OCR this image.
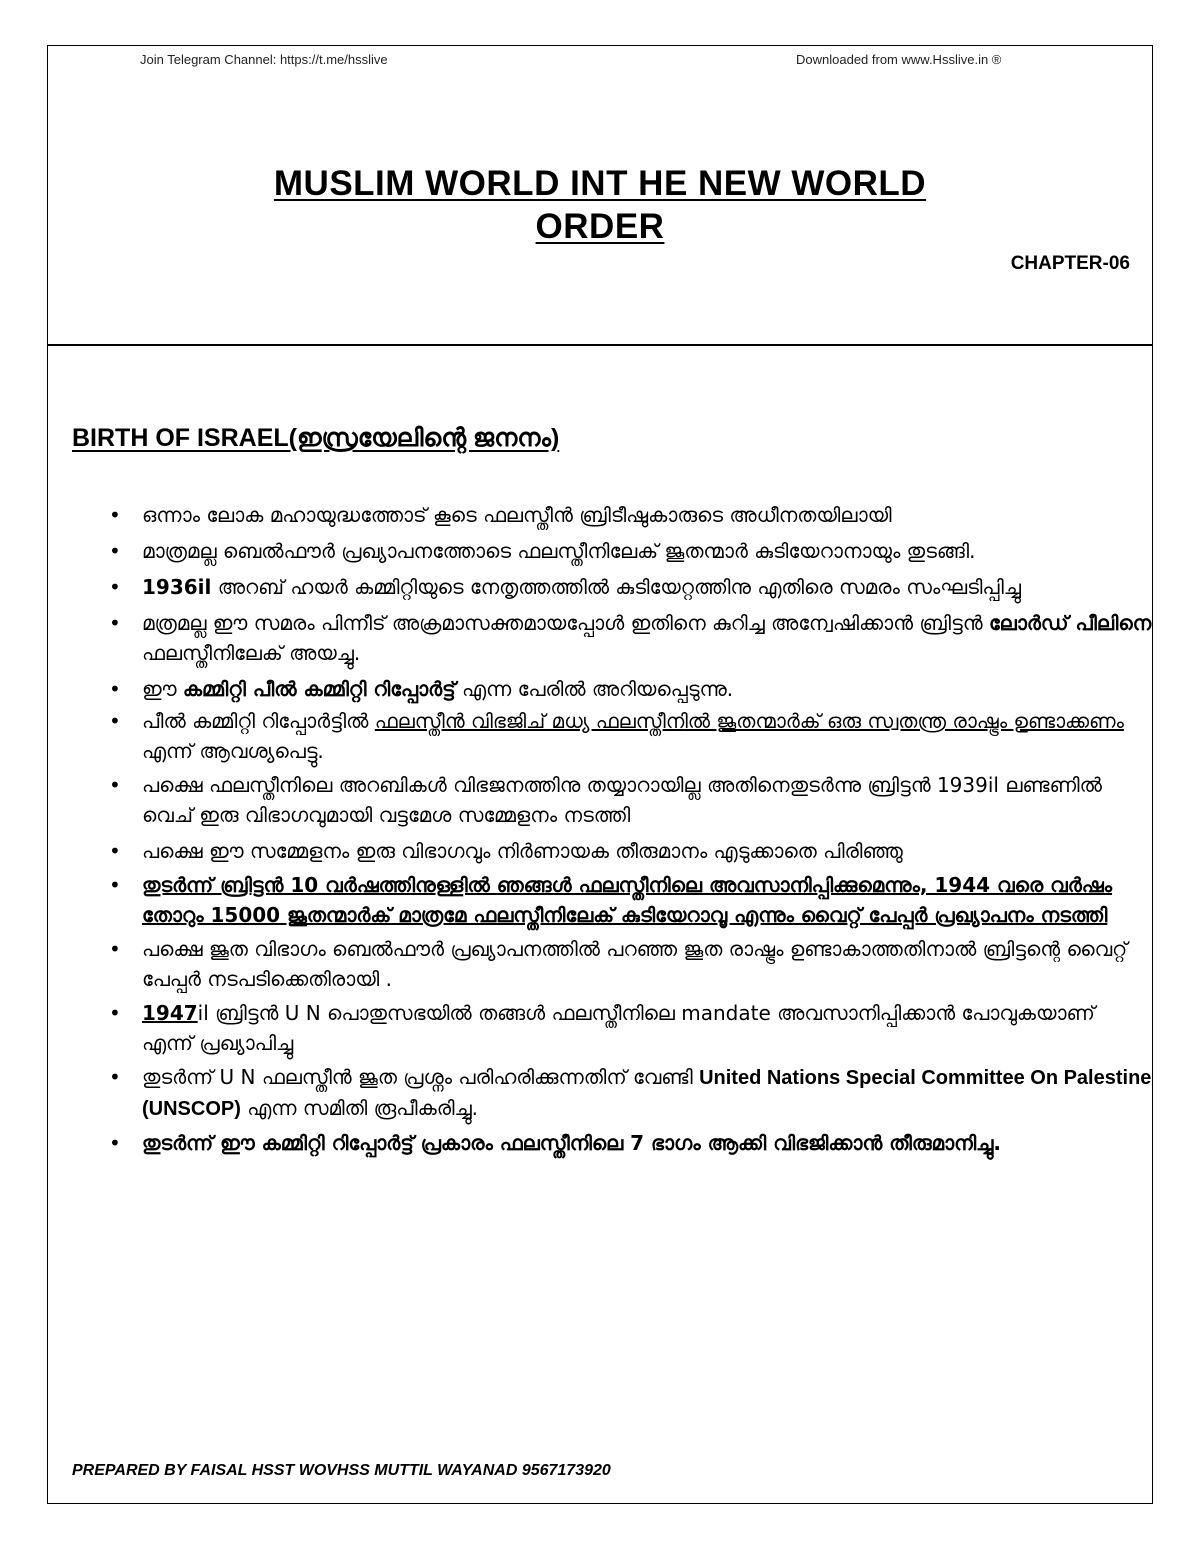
Join Telegram Channel: https://t.me/hsslive	Downloaded from www.Hsslive.in ®
MUSLIM WORLD INT HE NEW WORLD
ORDER
CHAPTER-06
BIRTH OF ISRAEL(ഇസ്രയേലിന്റെ ജനനം)
• ഒന്നാം ലോക മഹായുദ്ധത്തോട് കൂടെ ഫലസ്തീൻ ബ്രിടീഷുകാരുടെ അധീനതയിലായി
• മാത്രമല്ല ബെൽഫൗർ പ്രഖ്യാപനത്തോടെ ഫലസ്തീനിലേക് ജൂതന്മാർ കുടിയേറാനായും തുടങ്ങി.
• 1936il അറബ് ഹയർ കമ്മിറ്റിയുടെ നേതൃത്തത്തിൽ കുടിയേറ്റത്തിനു എതിരെ സമരം സംഘടിപ്പിച്ചു
• മത്രമല്ല ഈ സമരം പിന്നീട് അക്രമാസക്തമായപ്പോൾ ഇതിനെ കുറിച്ച അന്വേഷിക്കാൻ ബ്രിട്ടൻ ലോർഡ് പീലിനെ ഫലസ്തീനിലേക് അയച്ചു.
• ഈ കമ്മിറ്റി പീൽ കമ്മിറ്റി റിപ്പോർട്ട് എന്ന പേരിൽ അറിയപ്പെടുന്നു.
• പീൽ കമ്മിറ്റി റിപ്പോർട്ടിൽ ഫലസ്തീൻ വിഭജിച് മധ്യ ഫലസ്തീനിൽ ജൂതന്മാർക് ഒരു സ്വതന്ത്ര രാഷ്ട്രം ഉണ്ടാക്കണം എന്ന് ആവശ്യപെട്ടു.
• പക്ഷെ ഫലസ്തീനിലെ അറബികൾ വിഭജനത്തിനു തയ്യാറായില്ല അതിനെതുടർന്നു ബ്രിട്ടൻ 1939il ലണ്ടണിൽ വെച് ഇരു വിഭാഗവുമായി വട്ടമേശ സമ്മേളനം നടത്തി
• പക്ഷെ ഈ സമ്മേളനം ഇരു വിഭാഗവും നിർണായക തീരുമാനം എടുക്കാതെ പിരിഞ്ഞു
• തുടർന്ന് ബ്രിട്ടൻ 10 വർഷത്തിനുള്ളിൽ ഞങ്ങൾ ഫലസ്തീനിലെ അവസാനിപ്പിക്കുമെന്നും, 1944 വരെ വർഷം തോറും 15000 ജൂതന്മാർക് മാത്രമേ ഫലസ്തീനിലേക് കുടിയേറാവൂ എന്നും വൈറ്റ് പേപ്പർ പ്രഖ്യാപനം നടത്തി
• പക്ഷെ ജൂത വിഭാഗം ബെൽഫൗർ പ്രഖ്യാപനത്തിൽ പറഞ്ഞ ജൂത രാഷ്ട്രം ഉണ്ടാകാത്തതിനാൽ ബ്രിട്ടന്റെ വൈറ്റ് പേപ്പർ നടപടിക്കെതിരായി .
• 1947il ബ്രിട്ടൻ U N പൊതുസഭയിൽ തങ്ങൾ ഫലസ്തീനിലെ mandate അവസാനിപ്പിക്കാൻ പോവുകയാണ് എന്ന് പ്രഖ്യാപിച്ചു
• തുടർന്ന് U N ഫലസ്തീൻ ജൂത പ്രശ്നം പരിഹരിക്കുന്നതിന് വേണ്ടി United Nations Special Committee On Palestine (UNSCOP) എന്ന സമിതി രൂപീകരിച്ചു.
• തുടർന്ന് ഈ കമ്മിറ്റി റിപ്പോർട്ട് പ്രകാരം ഫലസ്തീനിലെ 7 ഭാഗം ആക്കി വിഭജിക്കാൻ തീരുമാനിച്ചു.
PREPARED BY FAISAL HSST WOVHSS MUTTIL WAYANAD 9567173920
